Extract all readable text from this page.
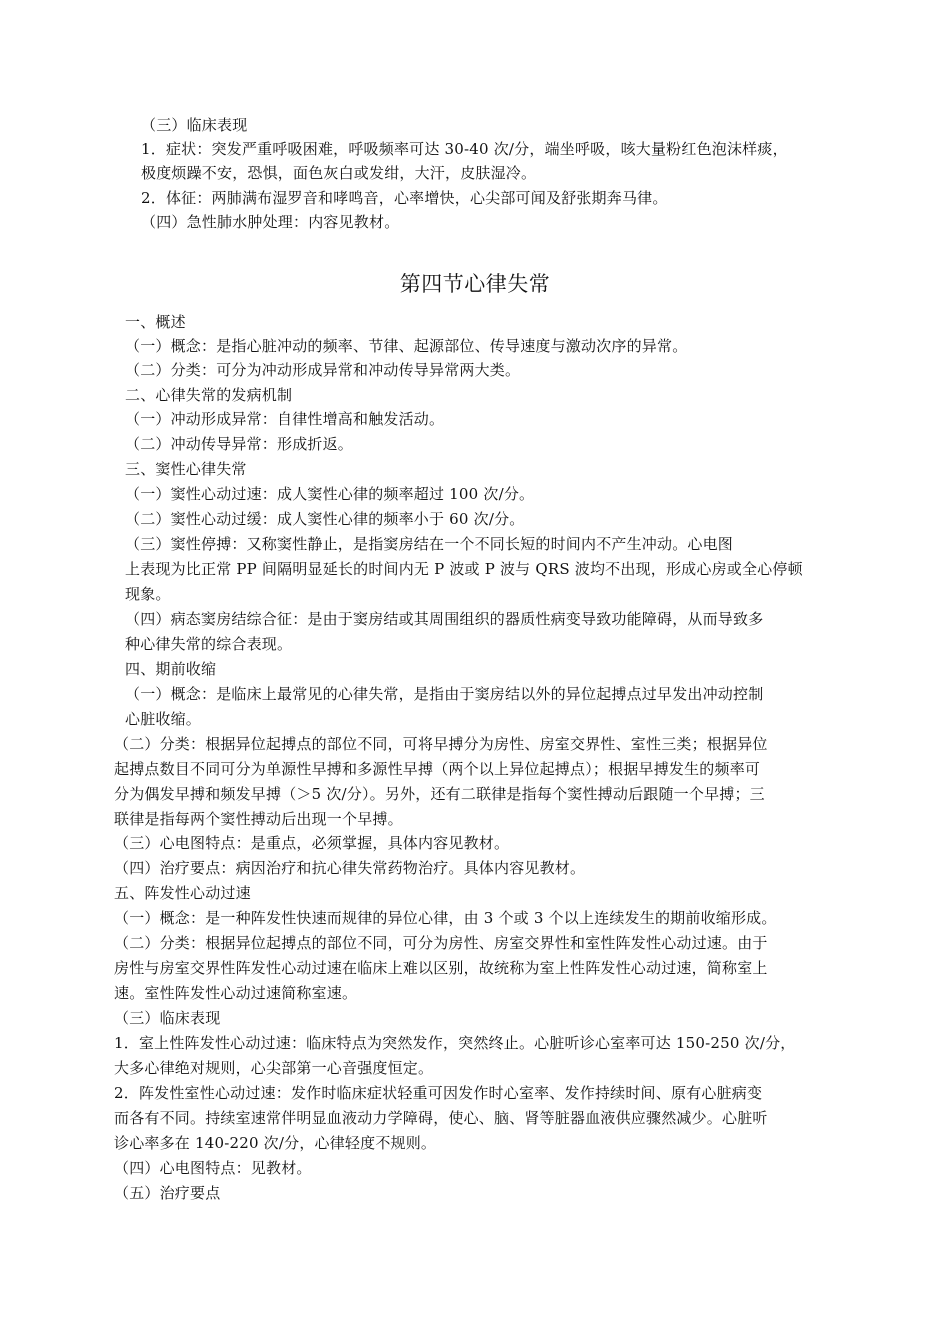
（三）临床表现
1．症状：突发严重呼吸困难，呼吸频率可达 30-40 次/分，端坐呼吸，咳大量粉红色泡沫样痰，
极度烦躁不安，恐惧，面色灰白或发绀，大汗，皮肤湿冷。
2．体征：两肺满布湿罗音和哮鸣音，心率增快，心尖部可闻及舒张期奔马律。
（四）急性肺水肿处理：内容见教材。
第四节心律失常
一、概述
（一）概念：是指心脏冲动的频率、节律、起源部位、传导速度与激动次序的异常。
（二）分类：可分为冲动形成异常和冲动传导异常两大类。
二、心律失常的发病机制
（一）冲动形成异常：自律性增高和触发活动。
（二）冲动传导异常：形成折返。
三、窦性心律失常
（一）窦性心动过速：成人窦性心律的频率超过 100 次/分。
（二）窦性心动过缓：成人窦性心律的频率小于 60 次/分。
（三）窦性停搏：又称窦性静止，是指窦房结在一个不同长短的时间内不产生冲动。心电图
上表现为比正常 PP 间隔明显延长的时间内无 P 波或 P 波与 QRS 波均不出现，形成心房或全心停顿
现象。
（四）病态窦房结综合征：是由于窦房结或其周围组织的器质性病变导致功能障碍，从而导致多
种心律失常的综合表现。
四、期前收缩
（一）概念：是临床上最常见的心律失常，是指由于窦房结以外的异位起搏点过早发出冲动控制
心脏收缩。
（二）分类：根据异位起搏点的部位不同，可将早搏分为房性、房室交界性、室性三类；根据异位
起搏点数目不同可分为单源性早搏和多源性早搏（两个以上异位起搏点）；根据早搏发生的频率可
分为偶发早搏和频发早搏（＞5 次/分）。另外，还有二联律是指每个窦性搏动后跟随一个早搏；三
联律是指每两个窦性搏动后出现一个早搏。
（三）心电图特点：是重点，必须掌握，具体内容见教材。
（四）治疗要点：病因治疗和抗心律失常药物治疗。具体内容见教材。
五、阵发性心动过速
（一）概念：是一种阵发性快速而规律的异位心律，由 3 个或 3 个以上连续发生的期前收缩形成。
（二）分类：根据异位起搏点的部位不同，可分为房性、房室交界性和室性阵发性心动过速。由于
房性与房室交界性阵发性心动过速在临床上难以区别，故统称为室上性阵发性心动过速，简称室上
速。室性阵发性心动过速简称室速。
（三）临床表现
1．室上性阵发性心动过速：临床特点为突然发作，突然终止。心脏听诊心室率可达 150-250 次/分，
大多心律绝对规则，心尖部第一心音强度恒定。
2．阵发性室性心动过速：发作时临床症状轻重可因发作时心室率、发作持续时间、原有心脏病变
而各有不同。持续室速常伴明显血液动力学障碍，使心、脑、肾等脏器血液供应骤然减少。心脏听
诊心率多在 140-220 次/分，心律轻度不规则。
（四）心电图特点：见教材。
（五）治疗要点
